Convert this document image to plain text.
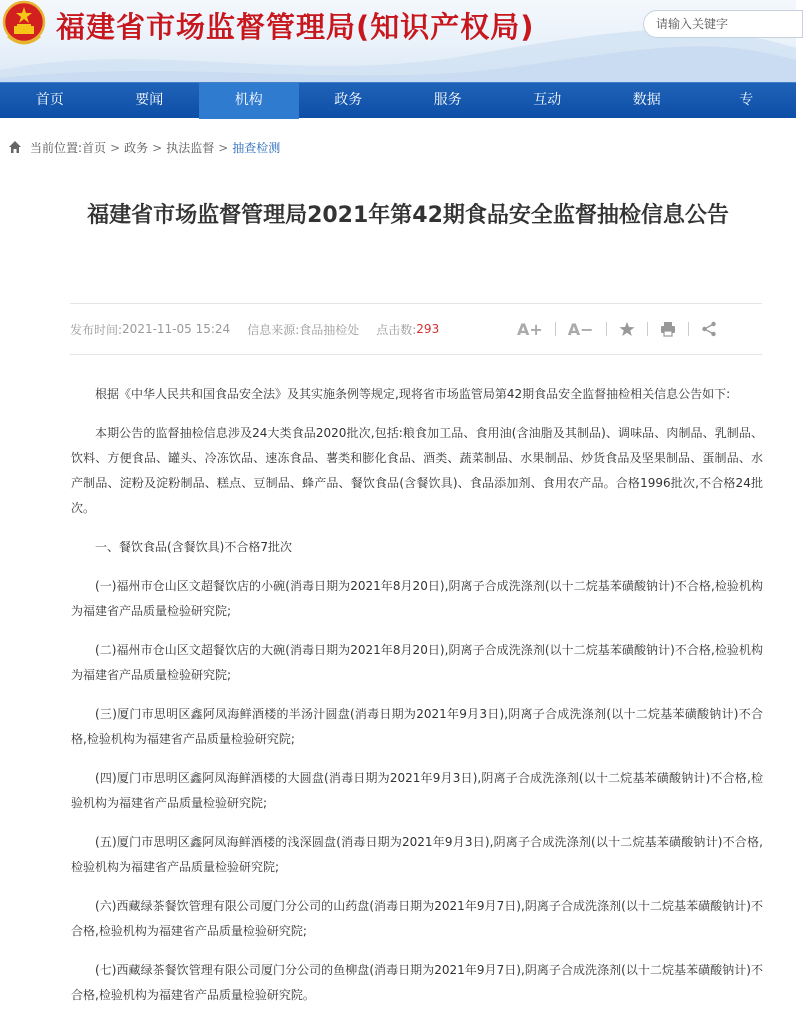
福建省市场监督管理局(知识产权局)
请输入关键字
首页	要闻	机构	政务	服务	互动	数据	专
当前位置: 首页 > 政务 > 执法监督 > 抽查检测
福建省市场监督管理局2021年第42期食品安全监督抽检信息公告
发布时间: 2021-11-05 15:24 信息来源: 食品抽检处 点击数: 293	A+ A−

根据《中华人民共和国食品安全法》及其实施条例等规定,现将省市场监管局第42期食品安全监督抽检相关信息公告如下:

本期公告的监督抽检信息涉及24大类食品2020批次,包括:粮食加工品、食用油(含油脂及其制品)、调味品、肉制品、乳制品、饮料、方便食品、罐头、冷冻饮品、速冻食品、薯类和膨化食品、酒类、蔬菜制品、水果制品、炒货食品及坚果制品、蛋制品、水产制品、淀粉及淀粉制品、糕点、豆制品、蜂产品、餐饮食品(含餐饮具)、食品添加剂、食用农产品。合格1996批次,不合格24批次。

一、餐饮食品(含餐饮具)不合格7批次

(一)福州市仓山区文超餐饮店的小碗(消毒日期为2021年8月20日),阴离子合成洗涤剂(以十二烷基苯磺酸钠计)不合格,检验机构为福建省产品质量检验研究院;

(二)福州市仓山区文超餐饮店的大碗(消毒日期为2021年8月20日),阴离子合成洗涤剂(以十二烷基苯磺酸钠计)不合格,检验机构为福建省产品质量检验研究院;

(三)厦门市思明区鑫阿凤海鲜酒楼的半汤汁圆盘(消毒日期为2021年9月3日),阴离子合成洗涤剂(以十二烷基苯磺酸钠计)不合格,检验机构为福建省产品质量检验研究院;

(四)厦门市思明区鑫阿凤海鲜酒楼的大圆盘(消毒日期为2021年9月3日),阴离子合成洗涤剂(以十二烷基苯磺酸钠计)不合格,检验机构为福建省产品质量检验研究院;

(五)厦门市思明区鑫阿凤海鲜酒楼的浅深圆盘(消毒日期为2021年9月3日),阴离子合成洗涤剂(以十二烷基苯磺酸钠计)不合格,检验机构为福建省产品质量检验研究院;

(六)西藏绿茶餐饮管理有限公司厦门分公司的山药盘(消毒日期为2021年9月7日),阴离子合成洗涤剂(以十二烷基苯磺酸钠计)不合格,检验机构为福建省产品质量检验研究院;

(七)西藏绿茶餐饮管理有限公司厦门分公司的鱼柳盘(消毒日期为2021年9月7日),阴离子合成洗涤剂(以十二烷基苯磺酸钠计)不合格,检验机构为福建省产品质量检验研究院。
